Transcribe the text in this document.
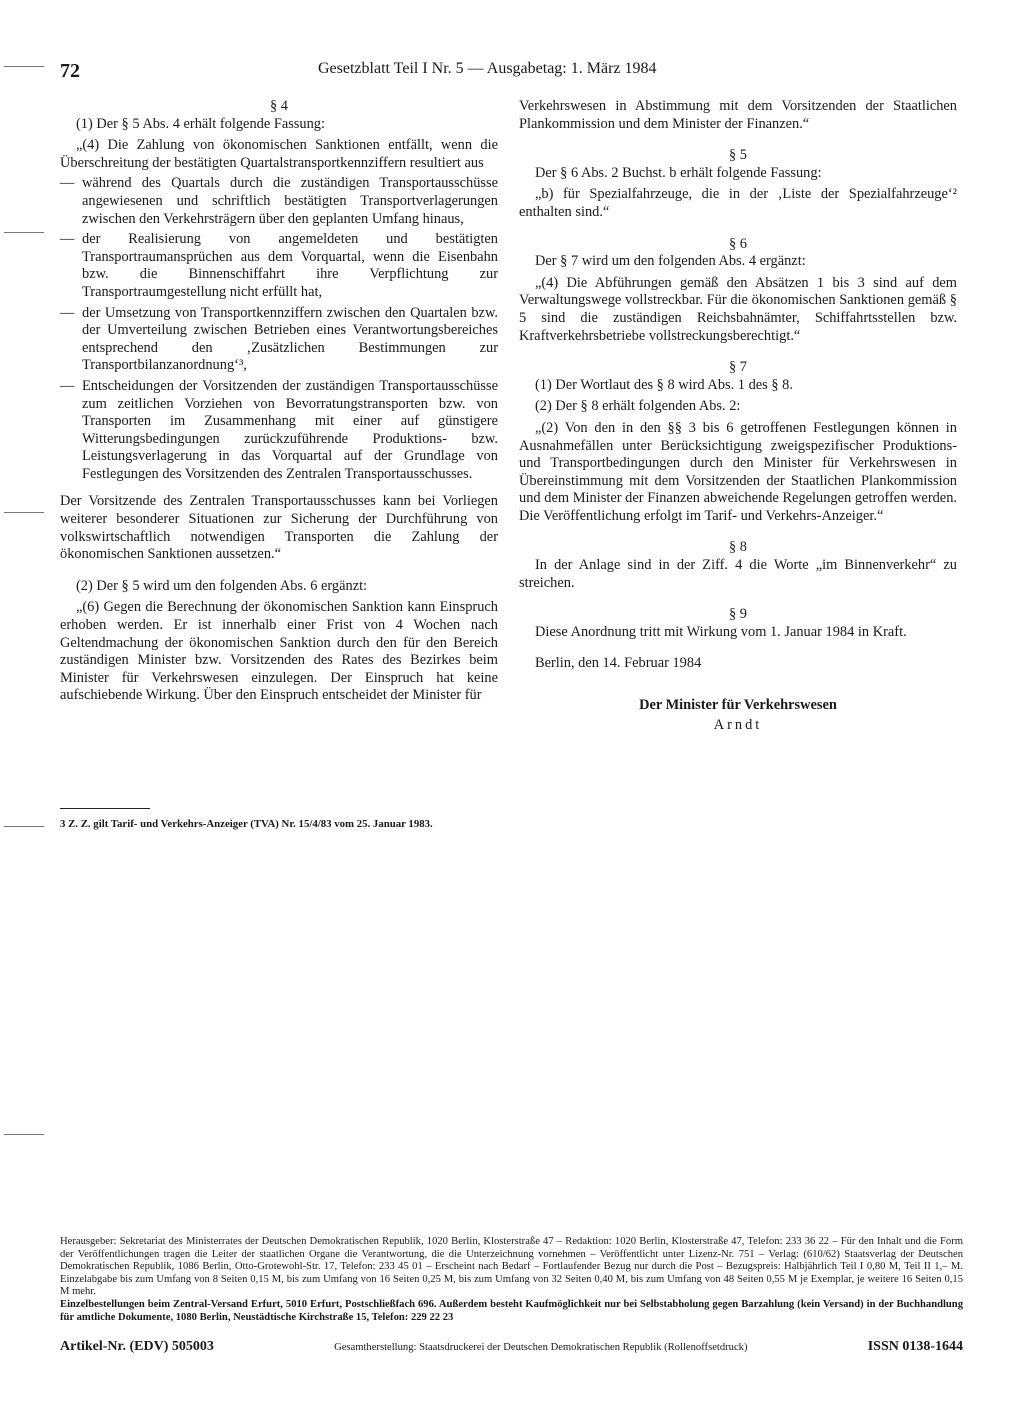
72	Gesetzblatt Teil I Nr. 5 — Ausgabetag: 1. März 1984

§ 4

(1) Der § 5 Abs. 4 erhält folgende Fassung:

„(4) Die Zahlung von ökonomischen Sanktionen entfällt, wenn die Überschreitung der bestätigten Quartalstransportkennziffern resultiert aus

— während des Quartals durch die zuständigen Transportausschüsse angewiesenen und schriftlich bestätigten Transportverlagerungen zwischen den Verkehrsträgern über den geplanten Umfang hinaus,
— der Realisierung von angemeldeten und bestätigten Transportraumansprüchen aus dem Vorquartal, wenn die Eisenbahn bzw. die Binnenschiffahrt ihre Verpflichtung zur Transportraumgestellung nicht erfüllt hat,
— der Umsetzung von Transportkennziffern zwischen den Quartalen bzw. der Umverteilung zwischen Betrieben eines Verantwortungsbereiches entsprechend den ‚Zusätzlichen Bestimmungen zur Transportbilanzanordnung‘³,
— Entscheidungen der Vorsitzenden der zuständigen Transportausschüsse zum zeitlichen Vorziehen von Bevorratungstransporten bzw. von Transporten im Zusammenhang mit einer auf günstigere Witterungsbedingungen zurückzuführende Produktions- bzw. Leistungsverlagerung in das Vorquartal auf der Grundlage von Festlegungen des Vorsitzenden des Zentralen Transportausschusses.

Der Vorsitzende des Zentralen Transportausschusses kann bei Vorliegen weiterer besonderer Situationen zur Sicherung der Durchführung von volkswirtschaftlich notwendigen Transporten die Zahlung der ökonomischen Sanktionen aussetzen.“

(2) Der § 5 wird um den folgenden Abs. 6 ergänzt:

„(6) Gegen die Berechnung der ökonomischen Sanktion kann Einspruch erhoben werden. Er ist innerhalb einer Frist von 4 Wochen nach Geltendmachung der ökonomischen Sanktion durch den für den Bereich zuständigen Minister bzw. Vorsitzenden des Rates des Bezirkes beim Minister für Verkehrswesen einzulegen. Der Einspruch hat keine aufschiebende Wirkung. Über den Einspruch entscheidet der Minister für

3 Z. Z. gilt Tarif- und Verkehrs-Anzeiger (TVA) Nr. 15/4/83 vom 25. Januar 1983.

Verkehrswesen in Abstimmung mit dem Vorsitzenden der Staatlichen Plankommission und dem Minister der Finanzen.“

§ 5

Der § 6 Abs. 2 Buchst. b erhält folgende Fassung:

„b) für Spezialfahrzeuge, die in der ‚Liste der Spezialfahrzeuge‘² enthalten sind.“

§ 6

Der § 7 wird um den folgenden Abs. 4 ergänzt:

„(4) Die Abführungen gemäß den Absätzen 1 bis 3 sind auf dem Verwaltungswege vollstreckbar. Für die ökonomischen Sanktionen gemäß § 5 sind die zuständigen Reichsbahnämter, Schiffahrtsstellen bzw. Kraftverkehrsbetriebe vollstreckungsberechtigt.“

§ 7

(1) Der Wortlaut des § 8 wird Abs. 1 des § 8.

(2) Der § 8 erhält folgenden Abs. 2:

„(2) Von den in den §§ 3 bis 6 getroffenen Festlegungen können in Ausnahmefällen unter Berücksichtigung zweigspezifischer Produktions- und Transportbedingungen durch den Minister für Verkehrswesen in Übereinstimmung mit dem Vorsitzenden der Staatlichen Plankommission und dem Minister der Finanzen abweichende Regelungen getroffen werden. Die Veröffentlichung erfolgt im Tarif- und Verkehrs-Anzeiger.“

§ 8

In der Anlage sind in der Ziff. 4 die Worte „im Binnenverkehr“ zu streichen.

§ 9

Diese Anordnung tritt mit Wirkung vom 1. Januar 1984 in Kraft.

Berlin, den 14. Februar 1984

Der Minister für Verkehrswesen
Arndt

Herausgeber: Sekretariat des Ministerrates der Deutschen Demokratischen Republik, 1020 Berlin, Klosterstraße 47 – Redaktion: 1020 Berlin, Klosterstraße 47, Telefon: 233 36 22 – Für den Inhalt und die Form der Veröffentlichungen tragen die Leiter der staatlichen Organe die Verantwortung, die die Unterzeichnung vornehmen – Veröffentlicht unter Lizenz-Nr. 751 – Verlag: (610/62) Staatsverlag der Deutschen Demokratischen Republik, 1086 Berlin, Otto-Grotewohl-Str. 17, Telefon: 233 45 01 – Erscheint nach Bedarf – Fortlaufender Bezug nur durch die Post – Bezugspreis: Halbjährlich Teil I 0,80 M, Teil II 1,– M. Einzelabgabe bis zum Umfang von 8 Seiten 0,15 M, bis zum Umfang von 16 Seiten 0,25 M, bis zum Umfang von 32 Seiten 0,40 M, bis zum Umfang von 48 Seiten 0,55 M je Exemplar, je weitere 16 Seiten 0,15 M mehr.

Einzelbestellungen beim Zentral-Versand Erfurt, 5010 Erfurt, Postschließfach 696. Außerdem besteht Kaufmöglichkeit nur bei Selbstabholung gegen Barzahlung (kein Versand) in der Buchhandlung für amtliche Dokumente, 1080 Berlin, Neustädtische Kirchstraße 15, Telefon: 229 22 23

Artikel-Nr. (EDV) 505003	Gesamtherstellung: Staatsdruckerei der Deutschen Demokratischen Republik (Rollenoffsetdruck)	ISSN 0138-1644
